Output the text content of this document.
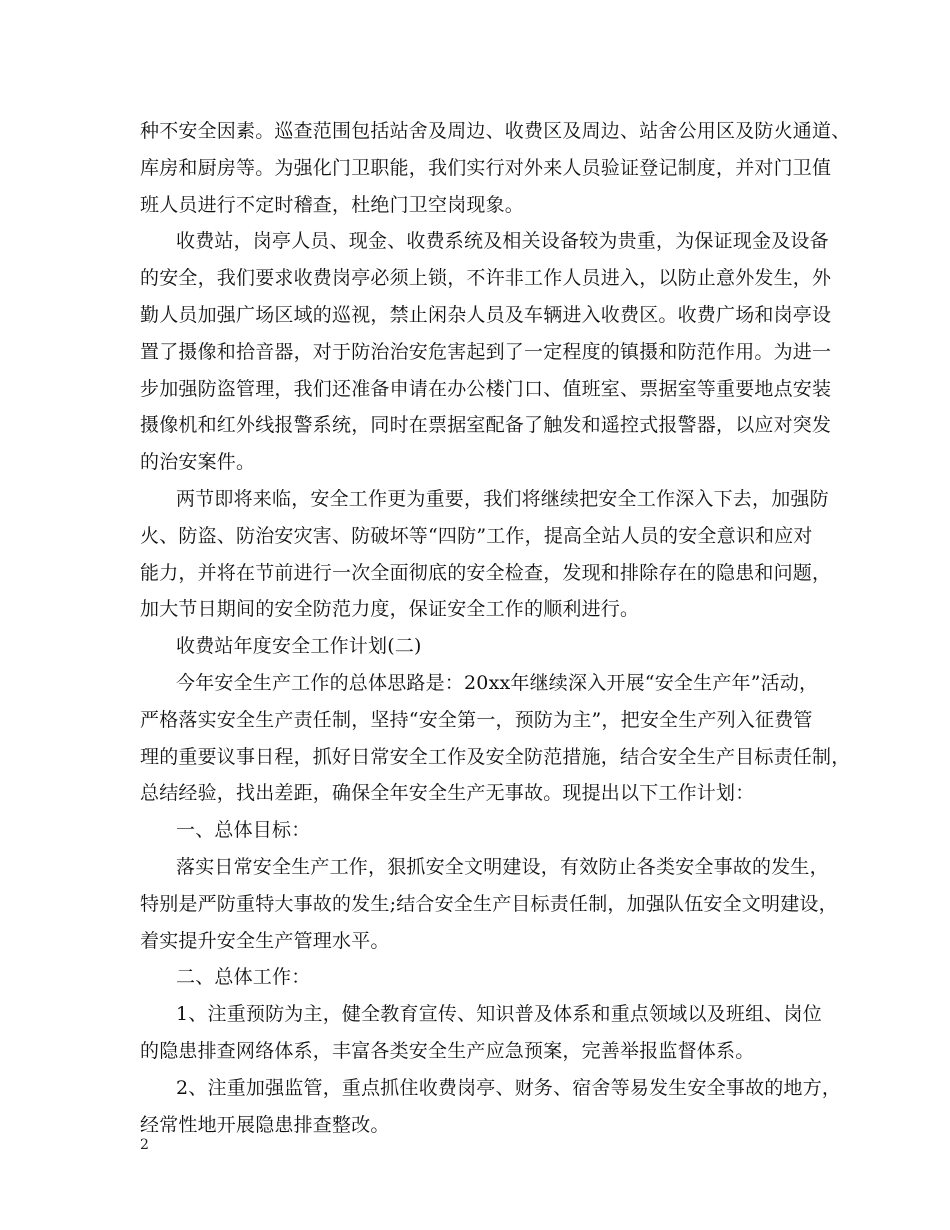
种不安全因素。巡查范围包括站舍及周边、收费区及周边、站舍公用区及防火通道、
库房和厨房等。为强化门卫职能，我们实行对外来人员验证登记制度，并对门卫值
班人员进行不定时稽查，杜绝门卫空岗现象。
收费站，岗亭人员、现金、收费系统及相关设备较为贵重，为保证现金及设备
的安全，我们要求收费岗亭必须上锁，不许非工作人员进入，以防止意外发生，外
勤人员加强广场区域的巡视，禁止闲杂人员及车辆进入收费区。收费广场和岗亭设
置了摄像和拾音器，对于防治治安危害起到了一定程度的镇摄和防范作用。为进一
步加强防盗管理，我们还准备申请在办公楼门口、值班室、票据室等重要地点安装
摄像机和红外线报警系统，同时在票据室配备了触发和遥控式报警器，以应对突发
的治安案件。
两节即将来临，安全工作更为重要，我们将继续把安全工作深入下去，加强防
火、防盗、防治安灾害、防破坏等“四防”工作，提高全站人员的安全意识和应对
能力，并将在节前进行一次全面彻底的安全检查，发现和排除存在的隐患和问题，
加大节日期间的安全防范力度，保证安全工作的顺利进行。
收费站年度安全工作计划(二)
今年安全生产工作的总体思路是：20xx年继续深入开展“安全生产年”活动，
严格落实安全生产责任制，坚持“安全第一，预防为主”，把安全生产列入征费管
理的重要议事日程，抓好日常安全工作及安全防范措施，结合安全生产目标责任制，
总结经验，找出差距，确保全年安全生产无事故。现提出以下工作计划：
一、总体目标：
落实日常安全生产工作，狠抓安全文明建设，有效防止各类安全事故的发生，
特别是严防重特大事故的发生;结合安全生产目标责任制，加强队伍安全文明建设，
着实提升安全生产管理水平。
二、总体工作：
1、注重预防为主，健全教育宣传、知识普及体系和重点领域以及班组、岗位
的隐患排查网络体系，丰富各类安全生产应急预案，完善举报监督体系。
2、注重加强监管，重点抓住收费岗亭、财务、宿舍等易发生安全事故的地方，
经常性地开展隐患排查整改。
2
